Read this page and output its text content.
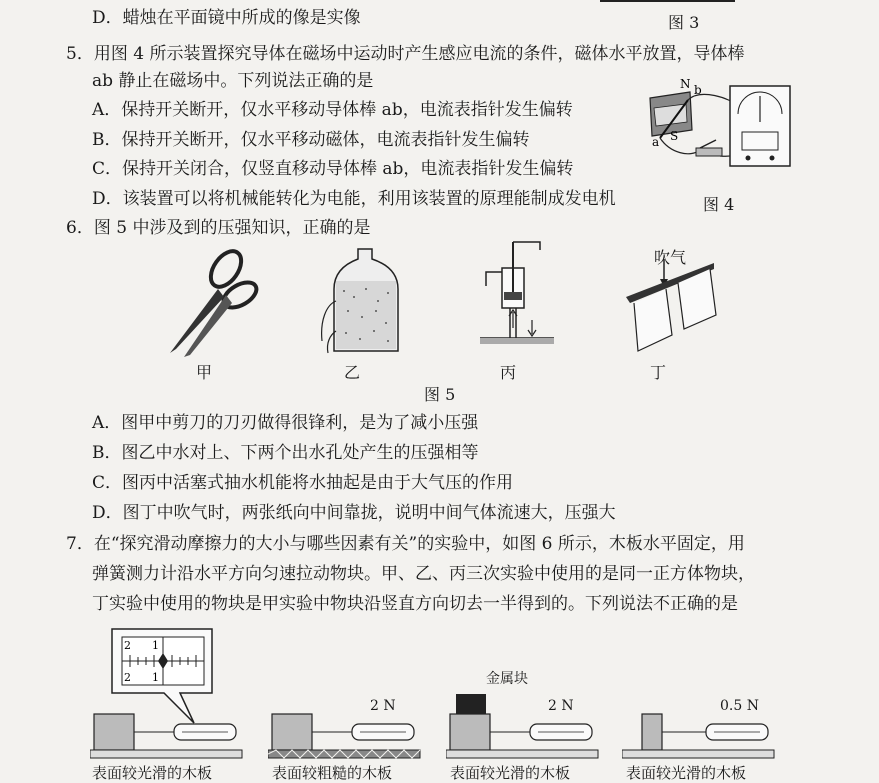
D．蜡烛在平面镜中所成的像是实像	图 3
5．用图 4 所示装置探究导体在磁场中运动时产生感应电流的条件，磁体水平放置，导体棒
ab 静止在磁场中。下列说法正确的是
A．保持开关断开，仅水平移动导体棒 ab，电流表指针发生偏转
B．保持开关断开，仅水平移动磁体，电流表指针发生偏转
C．保持开关闭合，仅竖直移动导体棒 ab，电流表指针发生偏转
D．该装置可以将机械能转化为电能，利用该装置的原理能制成发电机
N
S
a
b
图 4
6．图 5 中涉及到的压强知识，正确的是
吹气
甲	乙	丙	丁
图 5
A．图甲中剪刀的刀刃做得很锋利，是为了减小压强
B．图乙中水对上、下两个出水孔处产生的压强相等
C．图丙中活塞式抽水机能将水抽起是由于大气压的作用
D．图丁中吹气时，两张纸向中间靠拢，说明中间气体流速大，压强大
7．在“探究滑动摩擦力的大小与哪些因素有关”的实验中，如图 6 所示，木板水平固定，用
弹簧测力计沿水平方向匀速拉动物块。甲、乙、丙三次实验中使用的是同一正方体物块，
丁实验中使用的物块是甲实验中物块沿竖直方向切去一半得到的。下列说法不正确的是
2 1
1
2	金属块
2 N	2 N	0.5 N
表面较光滑的木板	表面较粗糙的木板	表面较光滑的木板	表面较光滑的木板
